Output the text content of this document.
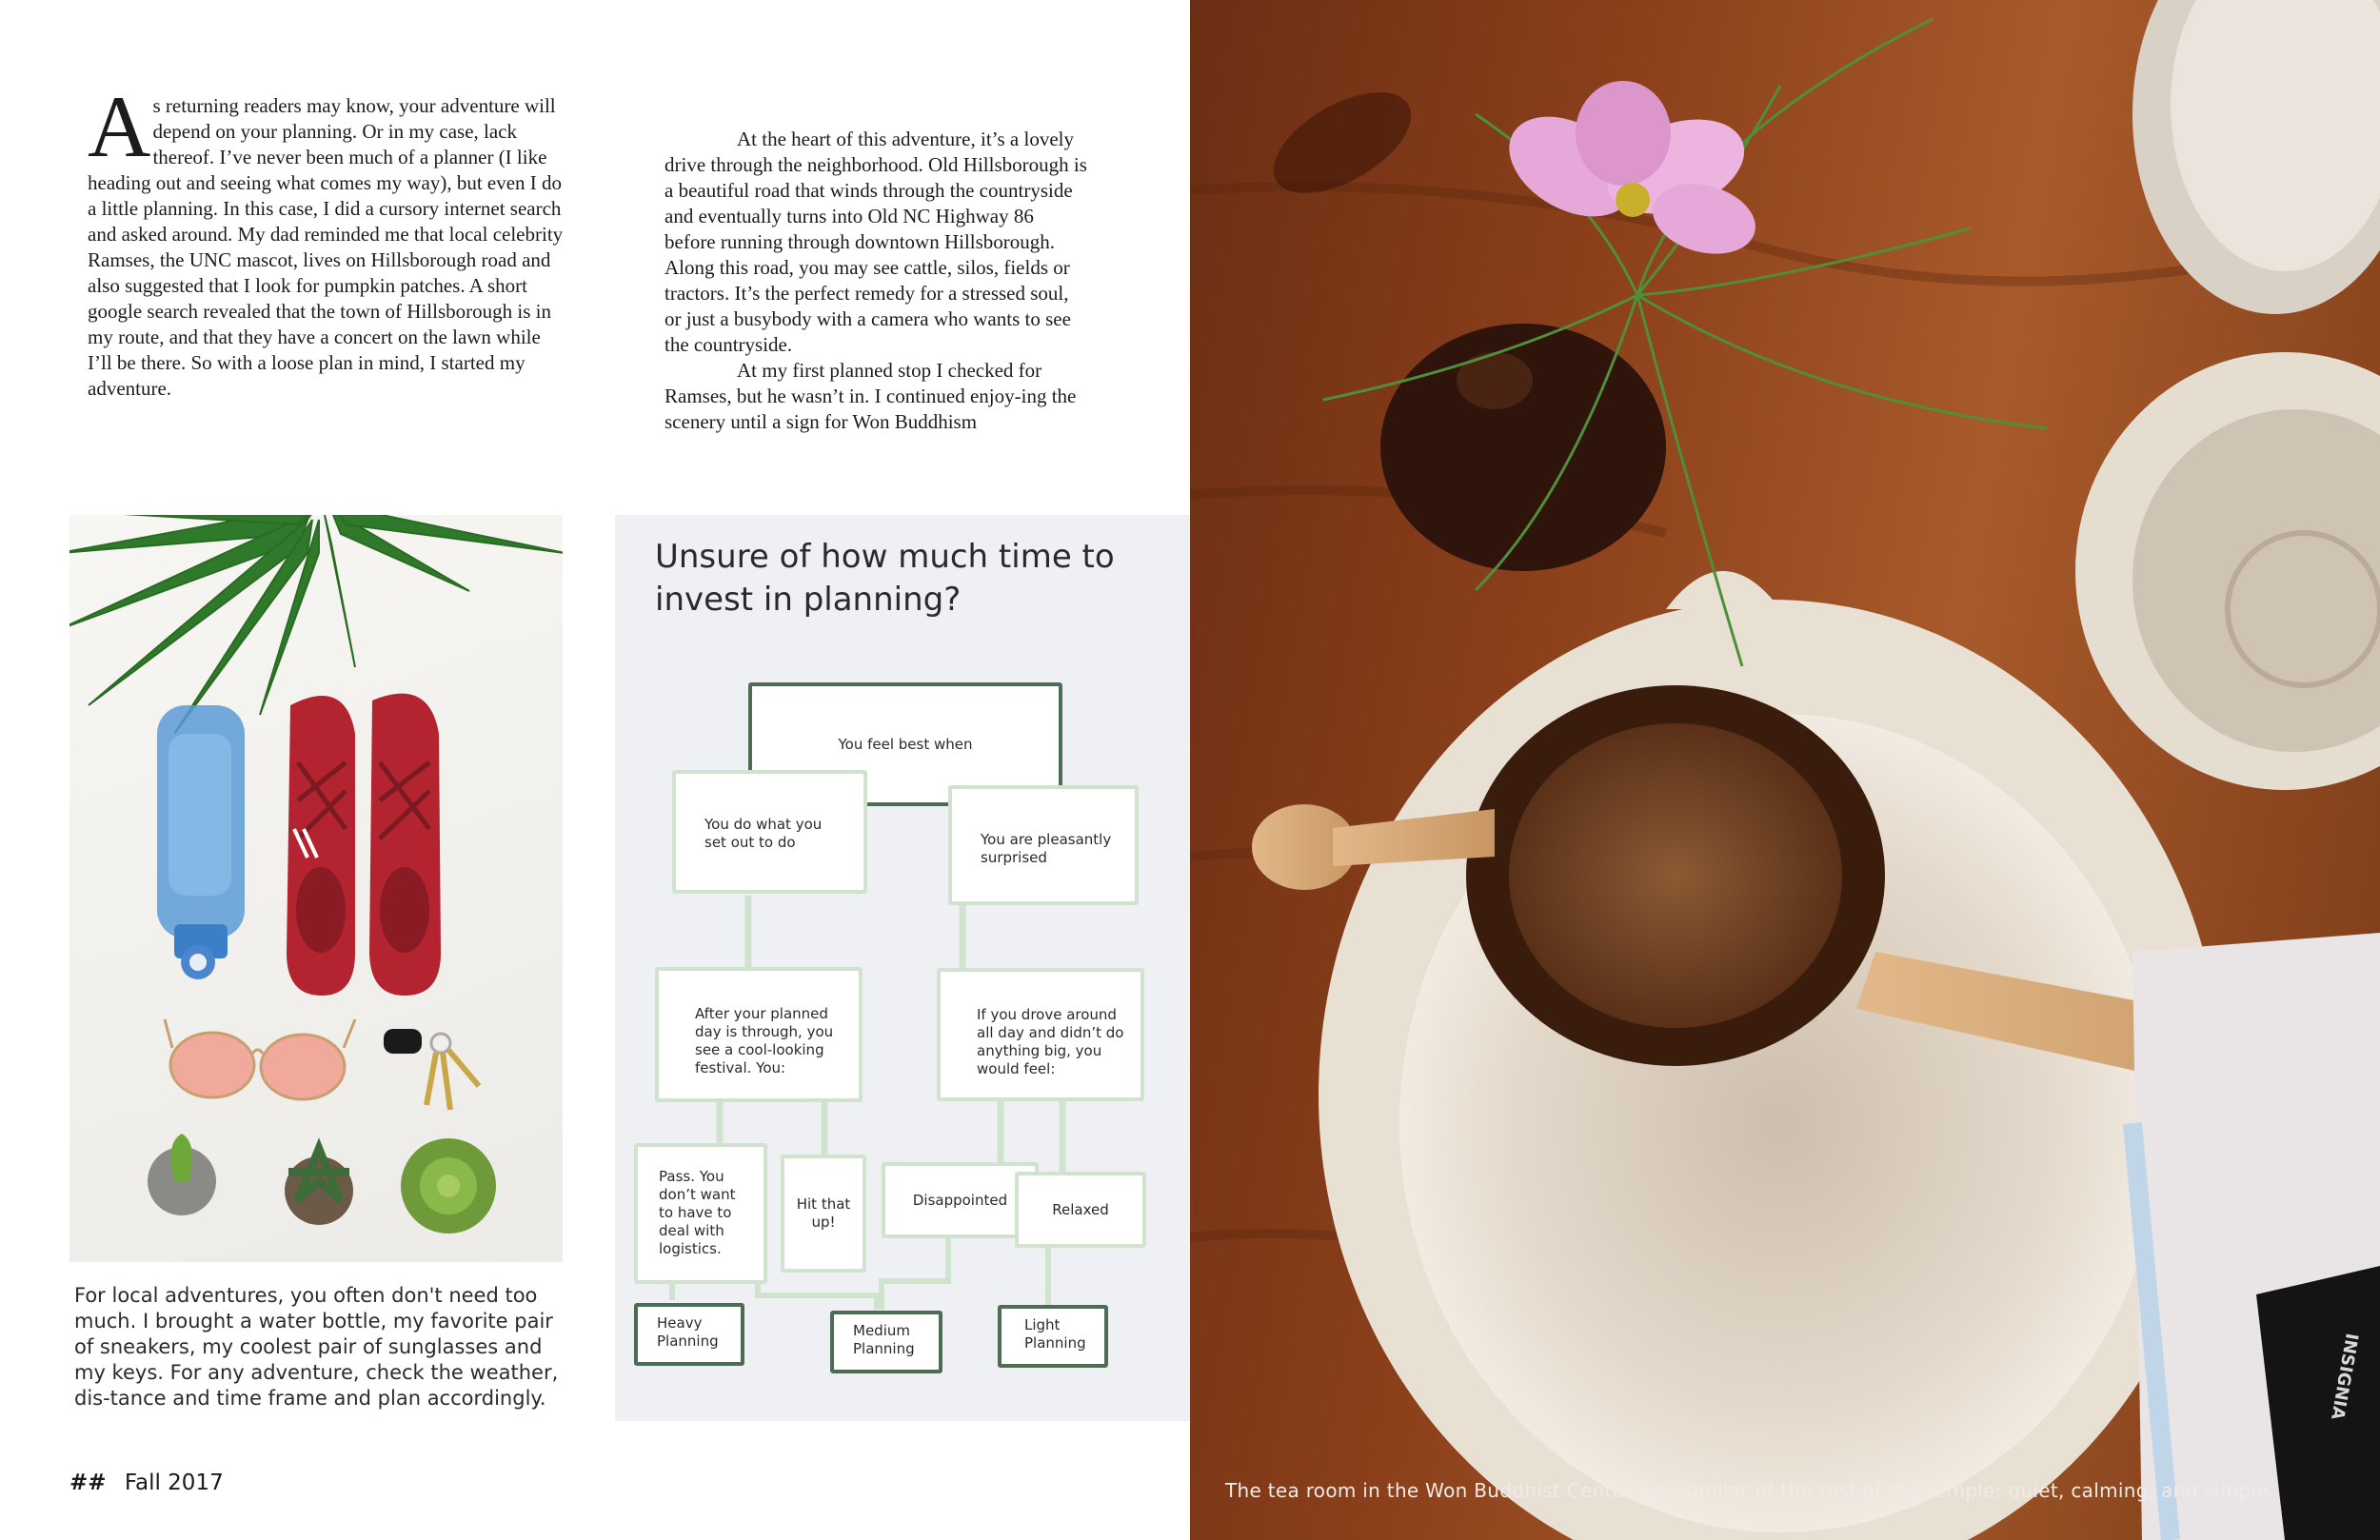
A s returning readers may know, your adventure will depend on your planning. Or in my case, lack thereof. I’ve never been much of a planner (I like heading out and seeing what comes my way), but even I do a little planning. In this case, I did a cursory internet search and asked around. My dad reminded me that local celebrity Ramses, the UNC mascot, lives on Hillsborough road and also suggested that I look for pumpkin patches. A short google search revealed that the town of Hillsborough is in my route, and that they have a concert on the lawn while I’ll be there. So with a loose plan in mind, I started my adventure.

At the heart of this adventure, it’s a lovely drive through the neighborhood. Old Hillsborough is a beautiful road that winds through the countryside and eventually turns into Old NC Highway 86 before running through downtown Hillsborough. Along this road, you may see cattle, silos, fields or tractors. It’s the perfect remedy for a stressed soul, or just a busybody with a camera who wants to see the countryside.

At my first planned stop I checked for Ramses, but he wasn’t in. I continued enjoy-ing the scenery until a sign for Won Buddhism

For local adventures, you often don't need too much. I brought a water bottle, my favorite pair of sneakers, my coolest pair of sunglasses and my keys. For any adventure, check the weather, dis-tance and time frame and plan accordingly.
Unsure of how much time to invest in planning?
You feel best when
You do what you set out to do	You are pleasantly surprised
After your planned day is through, you see a cool-looking festival. You:
If you drove around all day and didn’t do anything big, you would feel:
Pass. You don’t want to have to deal with logistics.
Hit that up!
Disappointed
Relaxed
Heavy Planning
Medium Planning
Light Planning
## Fall 2017
INSIGNIA
The tea room in the Won Buddhist Center was similar of the rest of the temple: quiet, calming, and simple.
